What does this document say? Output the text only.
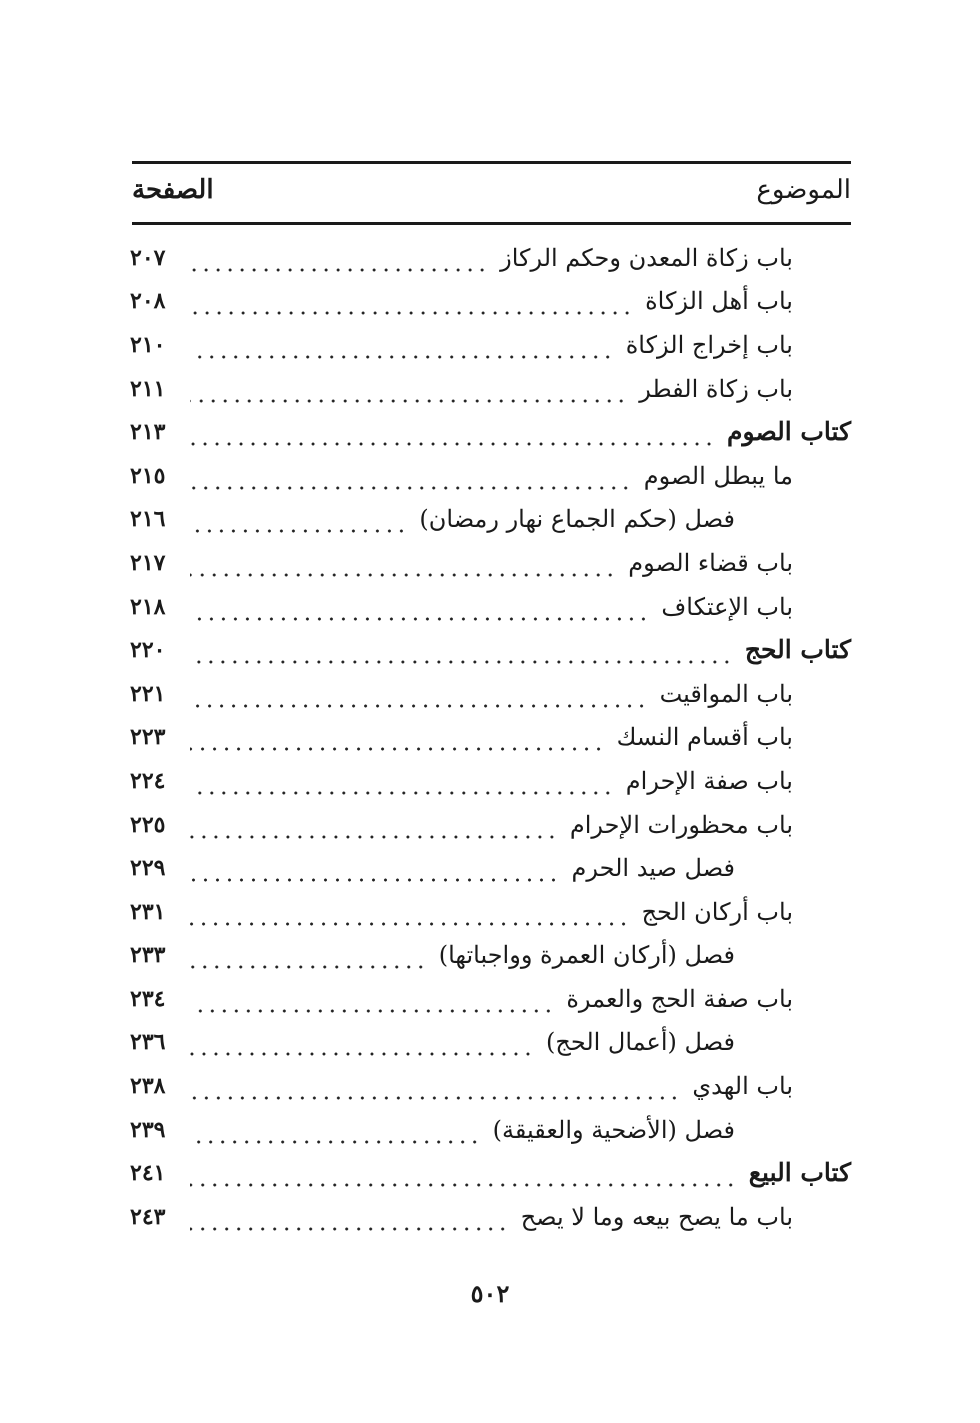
الموضوع
الصفحة
باب زكاة المعدن وحكم الركاز
٢٠٧
باب أهل الزكاة
٢٠٨
باب إخراج الزكاة
٢١٠
باب زكاة الفطر
٢١١
كتاب الصوم
٢١٣
ما يبطل الصوم
٢١٥
فصل (حكم الجماع نهار رمضان)
٢١٦
باب قضاء الصوم
٢١٧
باب الإعتكاف
٢١٨
كتاب الحج
٢٢٠
باب المواقيت
٢٢١
باب أقسام النسك
٢٢٣
باب صفة الإحرام
٢٢٤
باب محظورات الإحرام
٢٢٥
فصل صيد الحرم
٢٢٩
باب أركان الحج
٢٣١
فصل (أركان العمرة وواجباتها)
٢٣٣
باب صفة الحج والعمرة
٢٣٤
فصل (أعمال الحج)
٢٣٦
باب الهدي
٢٣٨
فصل (الأضحية والعقيقة)
٢٣٩
كتاب البيع
٢٤١
باب ما يصح بيعه وما لا يصح
٢٤٣
٥٠٢
